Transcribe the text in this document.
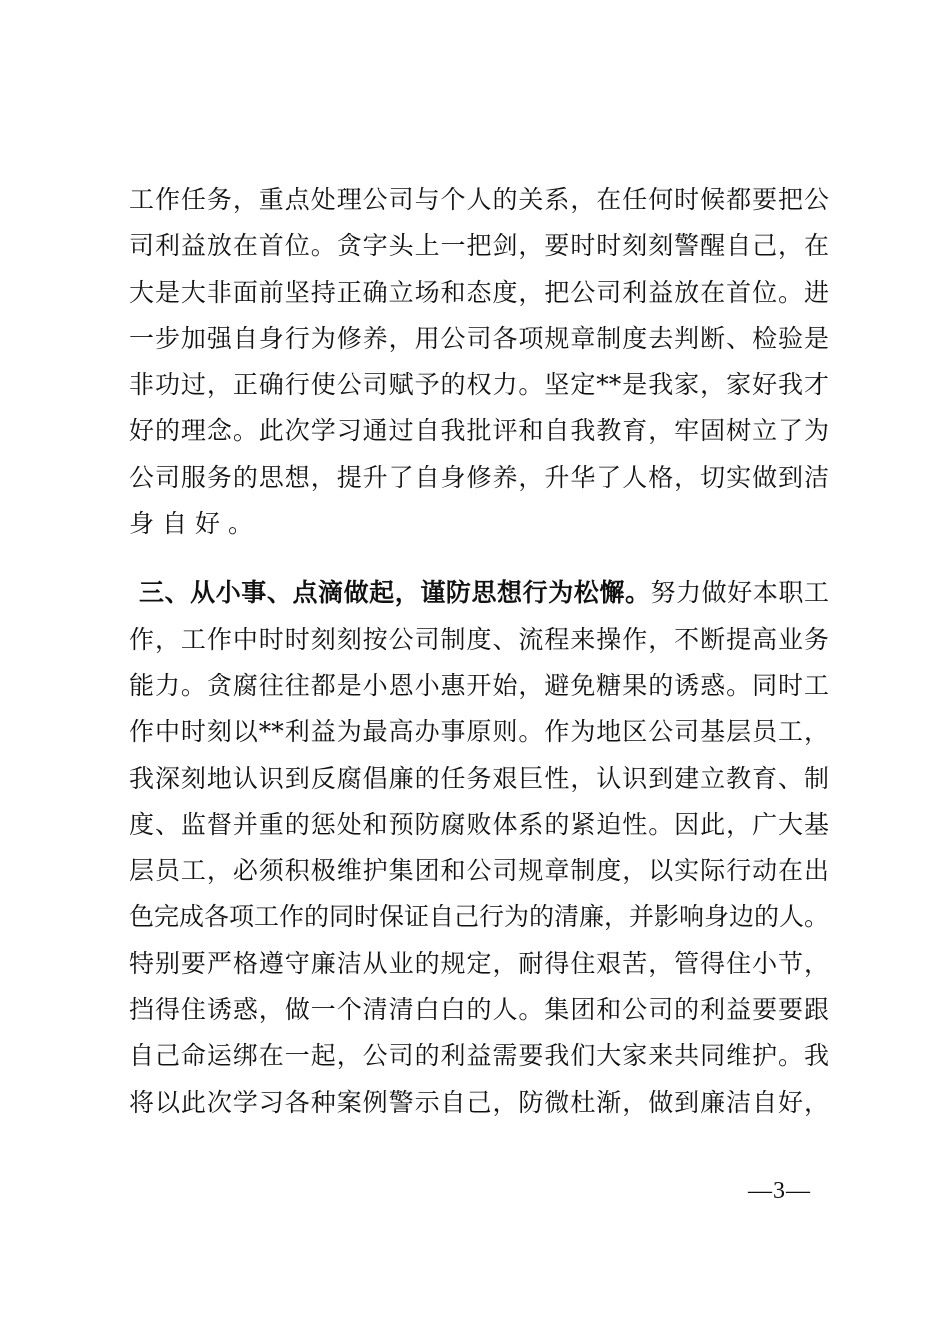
工作任务，重点处理公司与个人的关系，在任何时候都要把公
司利益放在首位。贪字头上一把剑，要时时刻刻警醒自己，在
大是大非面前坚持正确立场和态度，把公司利益放在首位。进
一步加强自身行为修养，用公司各项规章制度去判断、检验是
非功过，正确行使公司赋予的权力。坚定**是我家，家好我才
好的理念。此次学习通过自我批评和自我教育，牢固树立了为
公司服务的思想，提升了自身修养，升华了人格，切实做到洁
身自好。
三、从小事、点滴做起，谨防思想行为松懈。努力做好本职工
作，工作中时时刻刻按公司制度、流程来操作，不断提高业务
能力。贪腐往往都是小恩小惠开始，避免糖果的诱惑。同时工
作中时刻以**利益为最高办事原则。作为地区公司基层员工，
我深刻地认识到反腐倡廉的任务艰巨性，认识到建立教育、制
度、监督并重的惩处和预防腐败体系的紧迫性。因此，广大基
层员工，必须积极维护集团和公司规章制度，以实际行动在出
色完成各项工作的同时保证自己行为的清廉，并影响身边的人。
特别要严格遵守廉洁从业的规定，耐得住艰苦，管得住小节，
挡得住诱惑，做一个清清白白的人。集团和公司的利益要要跟
自己命运绑在一起，公司的利益需要我们大家来共同维护。我
将以此次学习各种案例警示自己，防微杜渐，做到廉洁自好，
—3—
